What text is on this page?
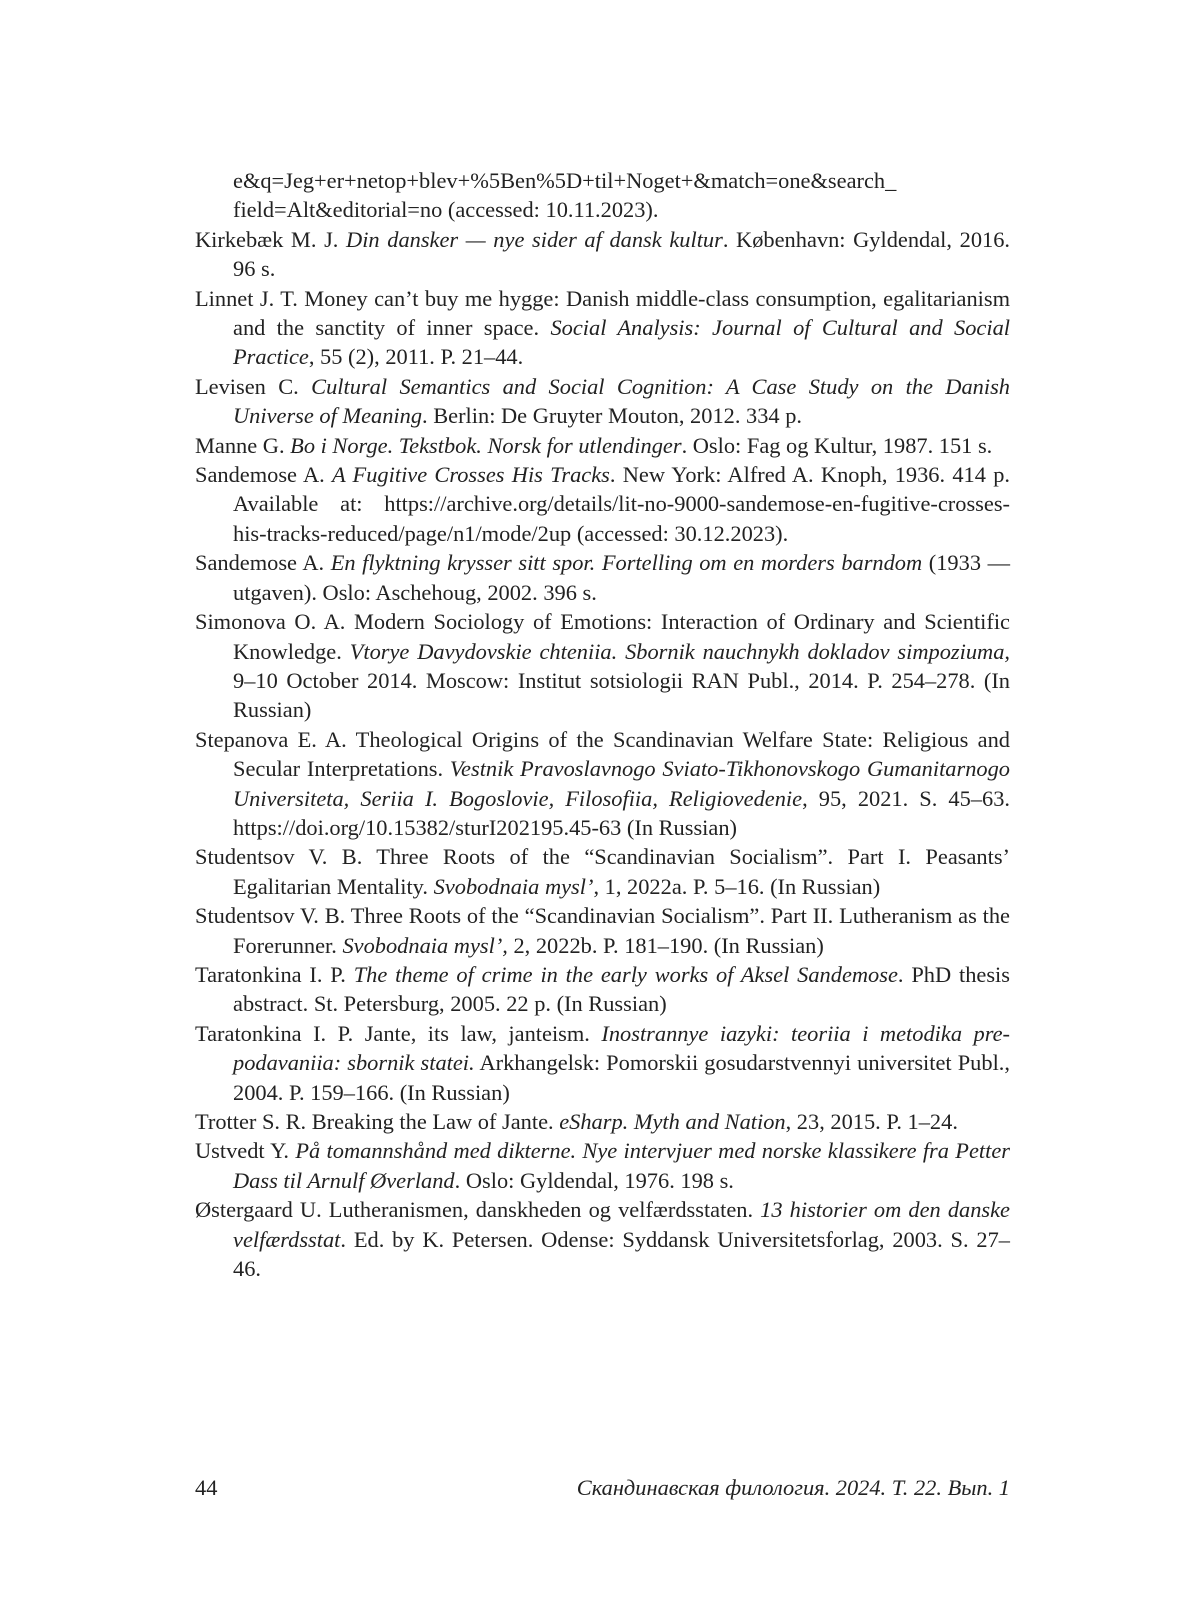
e&q=Jeg+er+netop+blev+%5Ben%5D+til+Noget+&match=one&search_ field=Alt&editorial=no (accessed: 10.11.2023).

Kirkebæk M. J. Din dansker — nye sider af dansk kultur. København: Gyldendal, 2016. 96 s.

Linnet J. T. Money can’t buy me hygge: Danish middle-class consumption, egalitarianism and the sanctity of inner space. Social Analysis: Journal of Cultural and Social Practice, 55 (2), 2011. P. 21–44.

Levisen C. Cultural Semantics and Social Cognition: A Case Study on the Danish Universe of Meaning. Berlin: De Gruyter Mouton, 2012. 334 p.

Manne G. Bo i Norge. Tekstbok. Norsk for utlendinger. Oslo: Fag og Kultur, 1987. 151 s.

Sandemose A. A Fugitive Crosses His Tracks. New York: Alfred A. Knoph, 1936. 414 p. Available at: https://archive.org/details/lit-no-9000-sandemose-en-fugitive-crosses-his-tracks-reduced/page/n1/mode/2up (accessed: 30.12.2023).

Sandemose A. En flyktning krysser sitt spor. Fortelling om en morders barndom (1933 — utgaven). Oslo: Aschehoug, 2002. 396 s.

Simonova O. A. Modern Sociology of Emotions: Interaction of Ordinary and Scientific Knowledge. Vtorye Davydovskie chteniia. Sbornik nauchnykh dokladov simpoziuma, 9–10 October 2014. Moscow: Institut sotsiologii RAN Publ., 2014. P. 254–278. (In Russian)

Stepanova E. A. Theological Origins of the Scandinavian Welfare State: Religious and Secular Interpretations. Vestnik Pravoslavnogo Sviato-Tikhonovskogo Gumanitarnogo Universiteta, Seriia I. Bogoslovie, Filosofiia, Religiovedenie, 95, 2021. S. 45–63. https://doi.org/10.15382/sturI202195.45-63 (In Russian)

Studentsov V. B. Three Roots of the “Scandinavian Socialism”. Part I. Peasants’ Egalitarian Mentality. Svobodnaia mysl’, 1, 2022a. P. 5–16. (In Russian)

Studentsov V. B. Three Roots of the “Scandinavian Socialism”. Part II. Lutheranism as the Forerunner. Svobodnaia mysl’, 2, 2022b. P. 181–190. (In Russian)

Taratonkina I. P. The theme of crime in the early works of Aksel Sandemose. PhD thesis abstract. St. Petersburg, 2005. 22 p. (In Russian)

Taratonkina I. P. Jante, its law, janteism. Inostrannye iazyki: teoriia i metodika prepodavaniia: sbornik statei. Arkhangelsk: Pomorskii gosudarstvennyi universitet Publ., 2004. P. 159–166. (In Russian)

Trotter S. R. Breaking the Law of Jante. eSharp. Myth and Nation, 23, 2015. P. 1–24.

Ustvedt Y. På tomannshånd med dikterne. Nye intervjuer med norske klassikere fra Petter Dass til Arnulf Øverland. Oslo: Gyldendal, 1976. 198 s.

Østergaard U. Lutheranismen, danskheden og velfærdsstaten. 13 historier om den danske velfærdsstat. Ed. by K. Petersen. Odense: Syddansk Universitetsforlag, 2003. S. 27–46.

44	Скандинавская филология. 2024. Т. 22. Вып. 1
